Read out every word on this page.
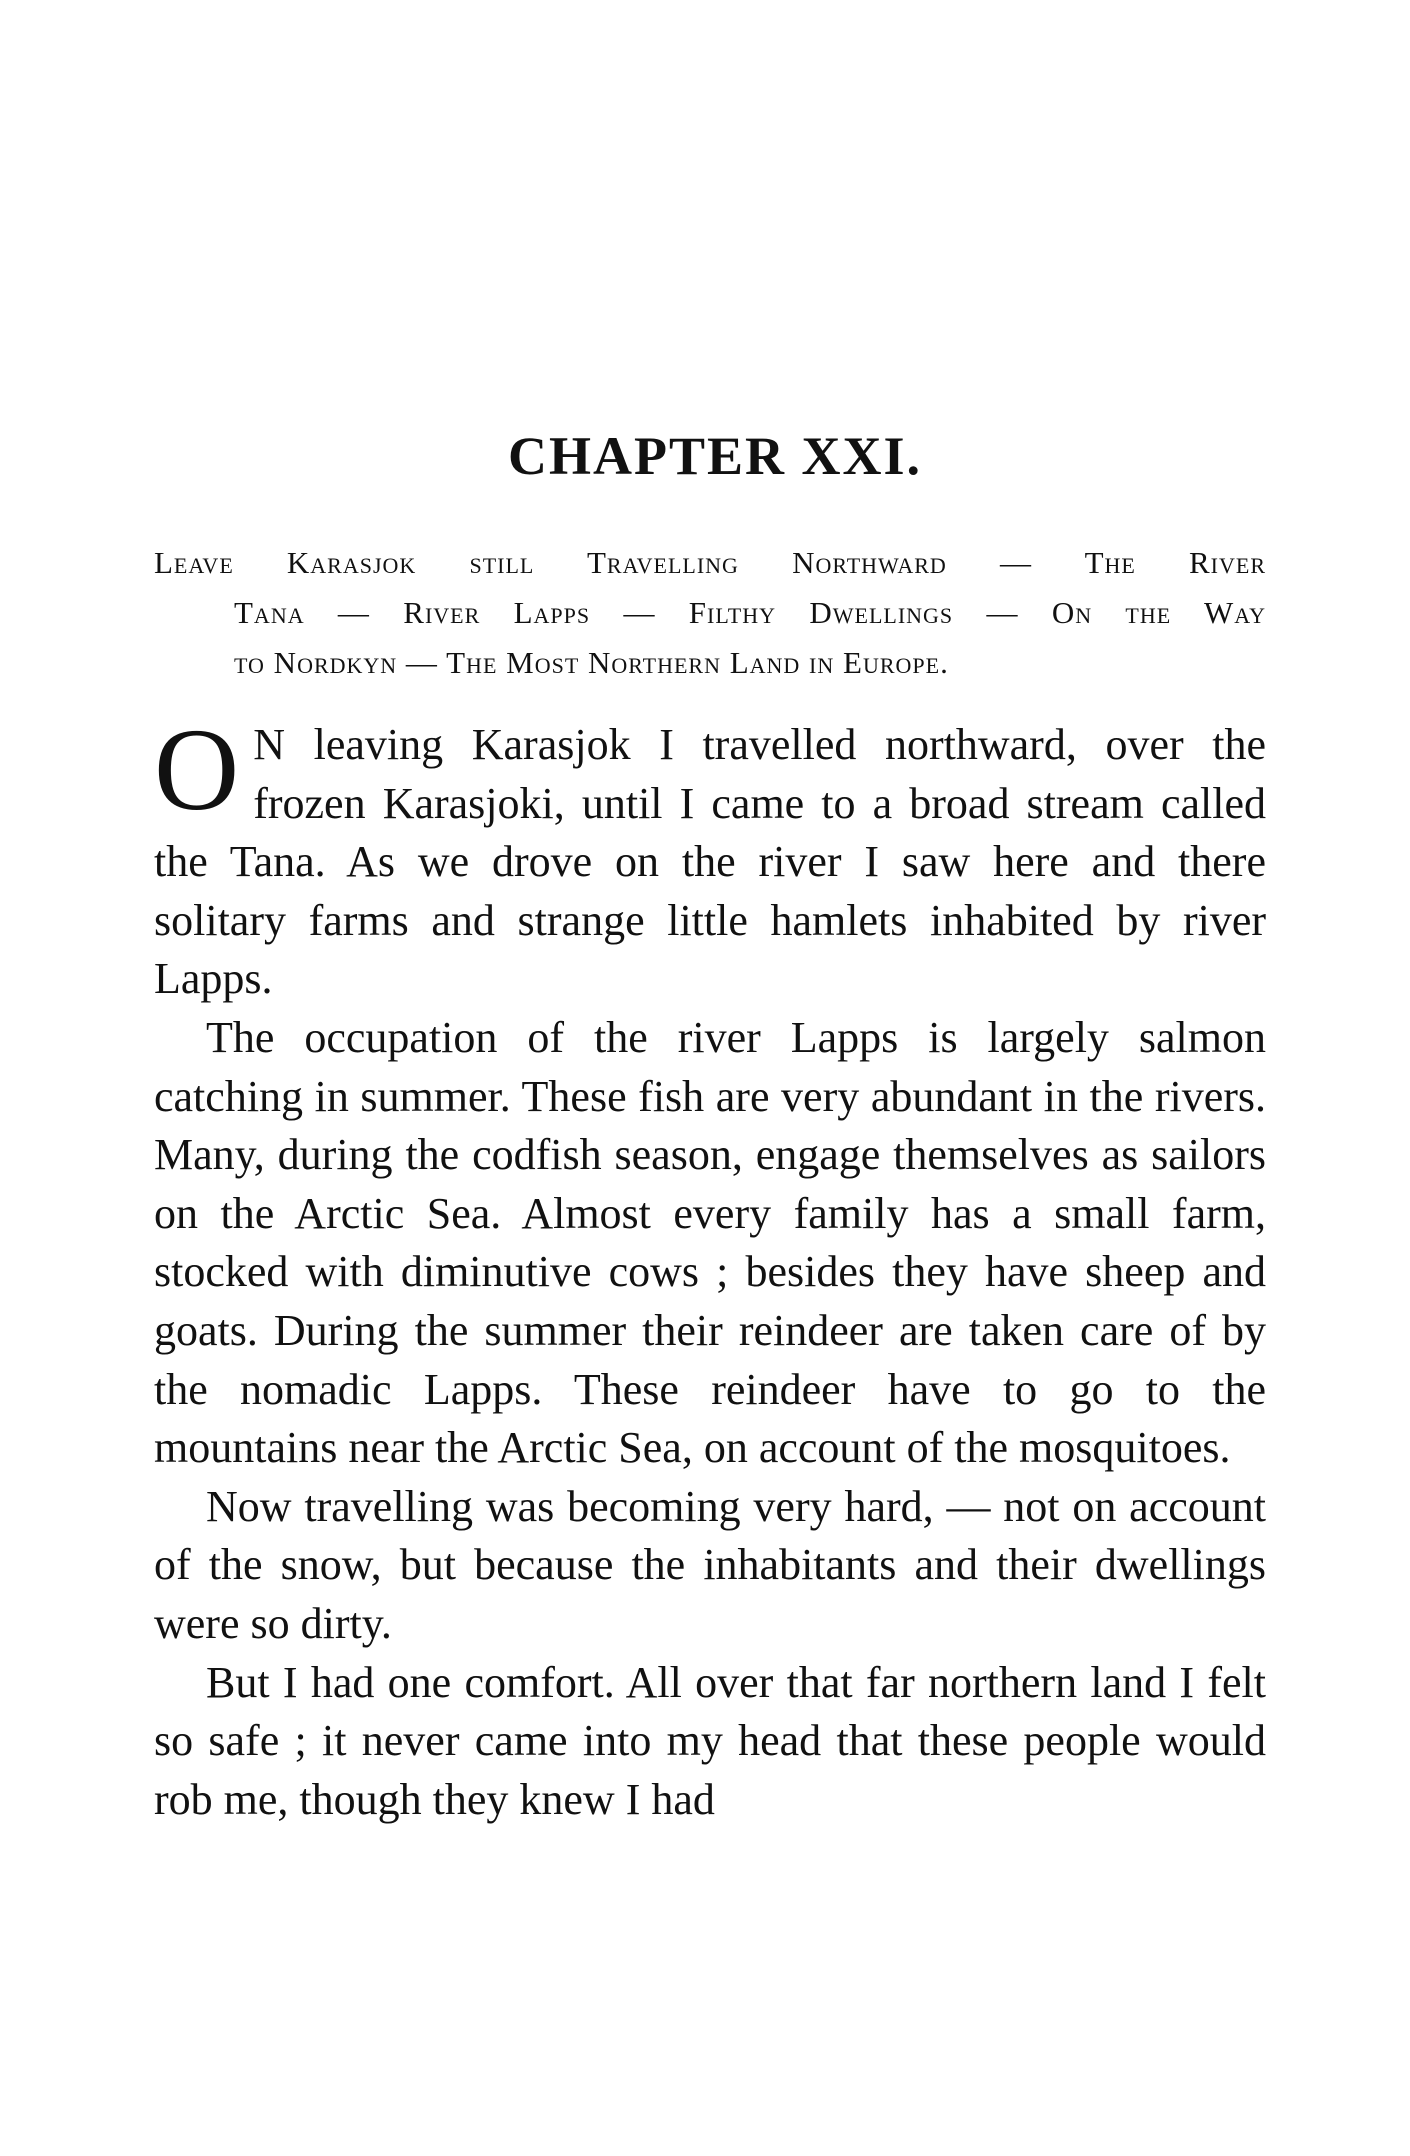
CHAPTER XXI.
Leave Karasjok still Travelling Northward — The River
Tana — River Lapps — Filthy Dwellings — On the Way
to Nordkyn — The Most Northern Land in Europe.

O N leaving Karasjok I travelled northward, over the frozen Karasjoki, until I came to a broad stream called the Tana. As we drove on the river I saw here and there solitary farms and strange little hamlets inhabited by river Lapps.

The occupation of the river Lapps is largely salmon catching in summer. These fish are very abundant in the rivers. Many, during the codfish season, engage themselves as sailors on the Arctic Sea. Almost every family has a small farm, stocked with diminutive cows ; besides they have sheep and goats. During the summer their reindeer are taken care of by the nomadic Lapps. These reindeer have to go to the mountains near the Arctic Sea, on account of the mosquitoes.

Now travelling was becoming very hard, — not on account of the snow, but because the inhabitants and their dwellings were so dirty.

But I had one comfort. All over that far northern land I felt so safe ; it never came into my head that these people would rob me, though they knew I had
